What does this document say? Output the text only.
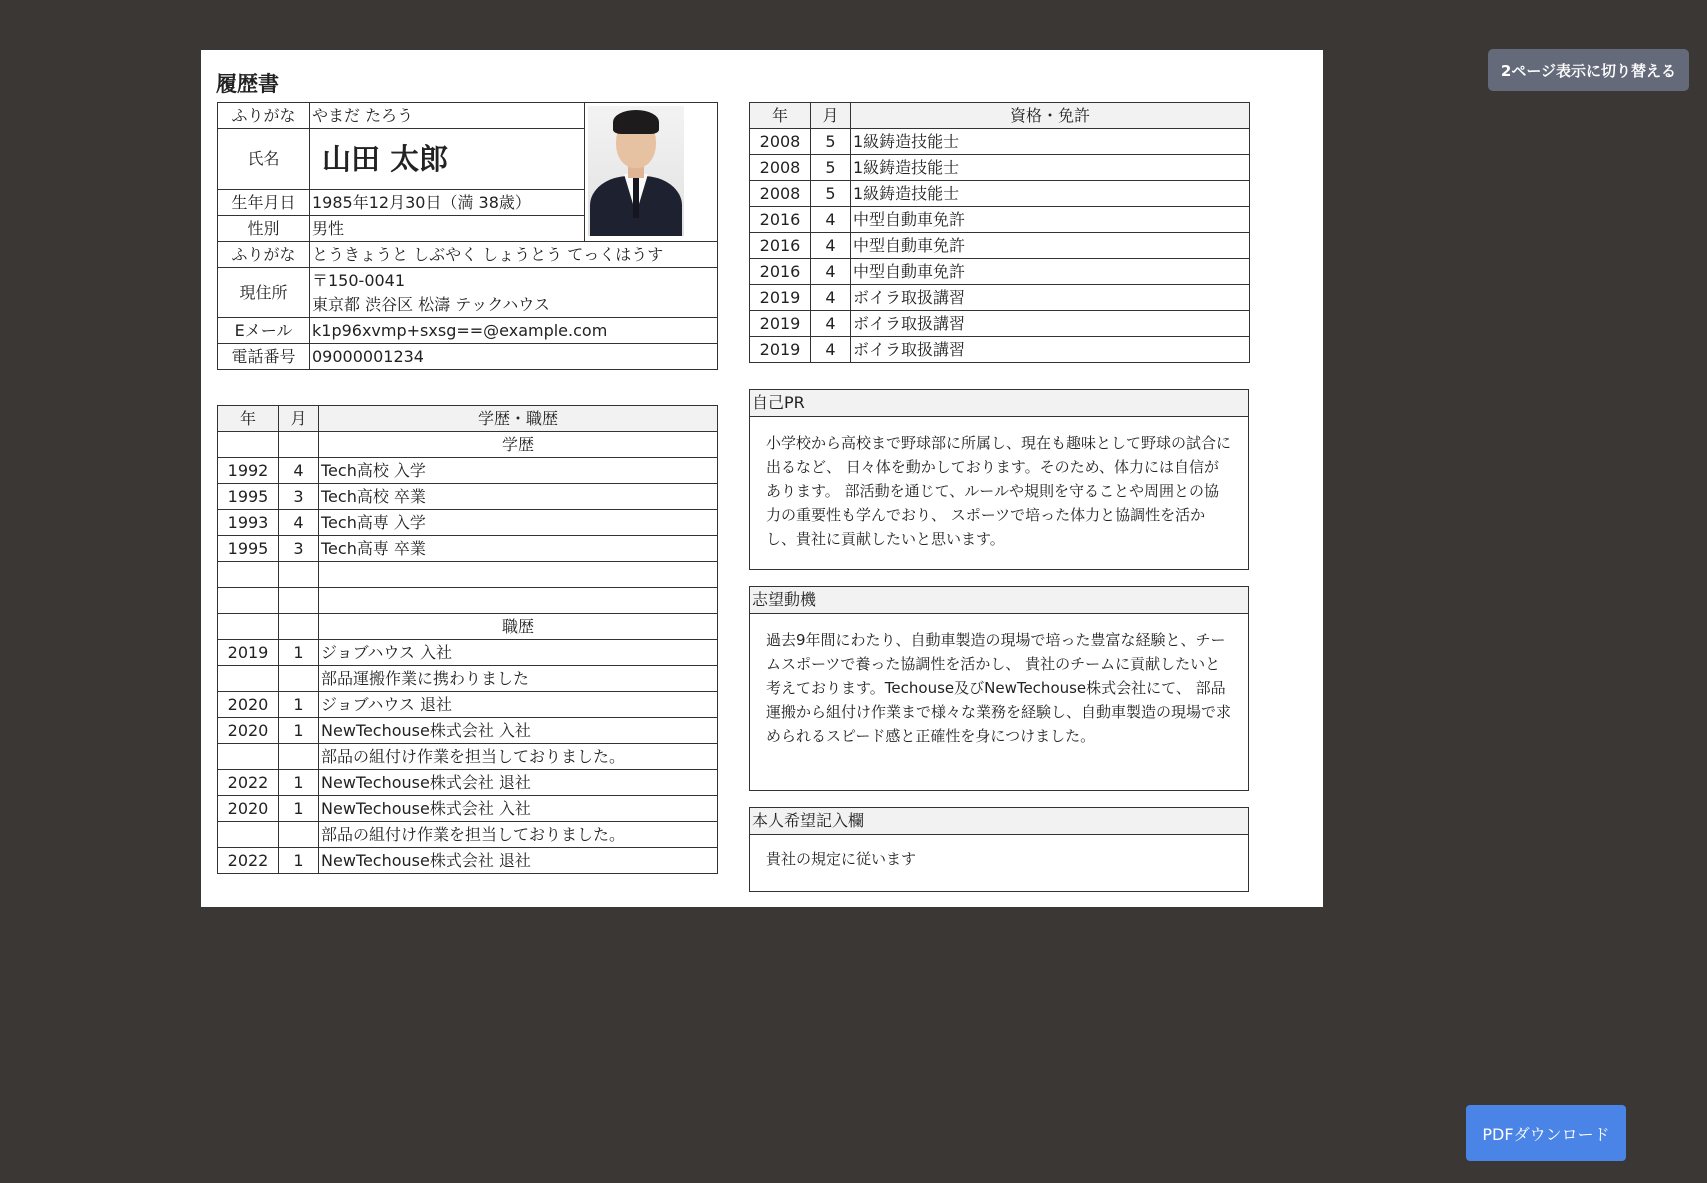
履歴書
ふりがな	やまだ たろう	

氏名	山田 太郎	
生年月日	1985年12月30日（満 38歳）	
性別	男性	
ふりがな	とうきょうと しぶやく しょうとう てっくはうす	
現住所	〒150-0041
東京都 渋谷区 松濤 テックハウス	

Eメール	k1p96xvmp+sxsg==@example.com	
電話番号	09000001234	
年	月	学歴・職歴
		学歴
1992	4	Tech高校 入学
1995	3	Tech高校 卒業
1993	4	Tech高専 入学
1995	3	Tech高専 卒業

		職歴
2019	1	ジョブハウス 入社
		部品運搬作業に携わりました
2020	1	ジョブハウス 退社
2020	1	NewTechouse株式会社 入社
		部品の組付け作業を担当しておりました。
2022	1	NewTechouse株式会社 退社
2020	1	NewTechouse株式会社 入社
		部品の組付け作業を担当しておりました。
2022	1	NewTechouse株式会社 退社
年	月	資格・免許
2008	5	1級鋳造技能士
2008	5	1級鋳造技能士
2008	5	1級鋳造技能士
2016	4	中型自動車免許
2016	4	中型自動車免許
2016	4	中型自動車免許
2019	4	ボイラ取扱講習
2019	4	ボイラ取扱講習
2019	4	ボイラ取扱講習
自己PR
小学校から高校まで野球部に所属し、現在も趣味として野球の試合に出るなど、 日々体を動かしております。そのため、体力には自信があります。 部活動を通じて、ルールや規則を守ることや周囲との協力の重要性も学んでおり、 スポーツで培った体力と協調性を活かし、貴社に貢献したいと思います。
志望動機
過去9年間にわたり、自動車製造の現場で培った豊富な経験と、チームスポーツで養った協調性を活かし、 貴社のチームに貢献したいと考えております。Techouse及びNewTechouse株式会社にて、 部品運搬から組付け作業まで様々な業務を経験し、自動車製造の現場で求められるスピード感と正確性を身につけました。
本人希望記入欄
貴社の規定に従います
2ページ表示に切り替える
PDFダウンロード
